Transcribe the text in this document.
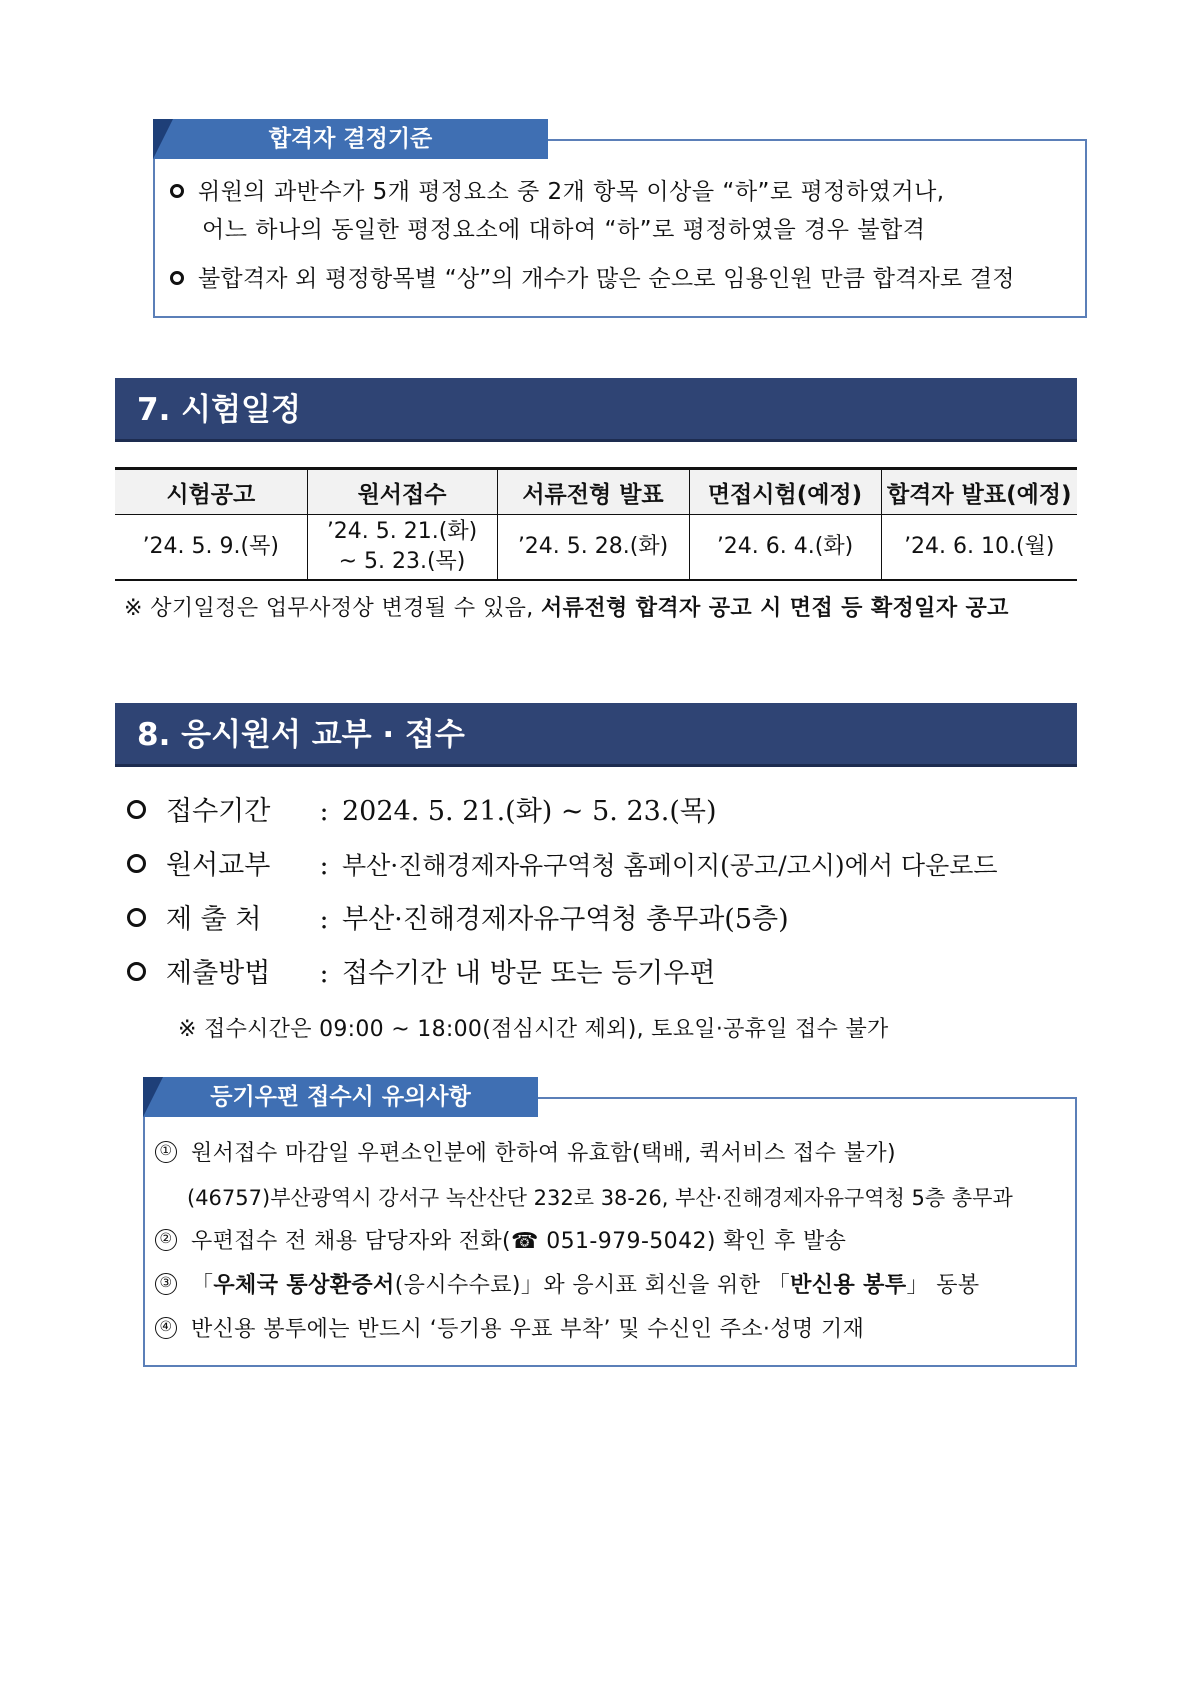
합격자 결정기준
위원의 과반수가 5개 평정요소 중 2개 항목 이상을 “하”로 평정하였거나,
어느 하나의 동일한 평정요소에 대하여 “하”로 평정하였을 경우 불합격
불합격자 외 평정항목별 “상”의 개수가 많은 순으로 임용인원 만큼 합격자로 결정
7. 시험일정
시험공고	원서접수	서류전형 발표	면접시험(예정)	합격자 발표(예정)
’24. 5. 9.(목)	’24. 5. 21.(화)
~ 5. 23.(목)	’24. 5. 28.(화)	’24. 6. 4.(화)	’24. 6. 10.(월)
※ 상기일정은 업무사정상 변경될 수 있음, 서류전형 합격자 공고 시 면접 등 확정일자 공고
8. 응시원서 교부 · 접수
접수기간 : 2024. 5. 21.(화) ~ 5. 23.(목)
원서교부 : 부산·진해경제자유구역청 홈페이지(공고/고시)에서 다운로드
제 출 처 : 부산·진해경제자유구역청 총무과(5층)
제출방법 : 접수기간 내 방문 또는 등기우편
※ 접수시간은 09:00 ~ 18:00(점심시간 제외), 토요일·공휴일 접수 불가
등기우편 접수시 유의사항
① 원서접수 마감일 우편소인분에 한하여 유효함(택배, 퀵서비스 접수 불가)
(46757)부산광역시 강서구 녹산산단 232로 38-26, 부산·진해경제자유구역청 5층 총무과
② 우편접수 전 채용 담당자와 전화(☎ 051-979-5042) 확인 후 발송
③ 「우체국 통상환증서(응시수수료)」와 응시표 회신을 위한 「반신용 봉투」 동봉
④ 반신용 봉투에는 반드시 ‘등기용 우표 부착’ 및 수신인 주소·성명 기재
